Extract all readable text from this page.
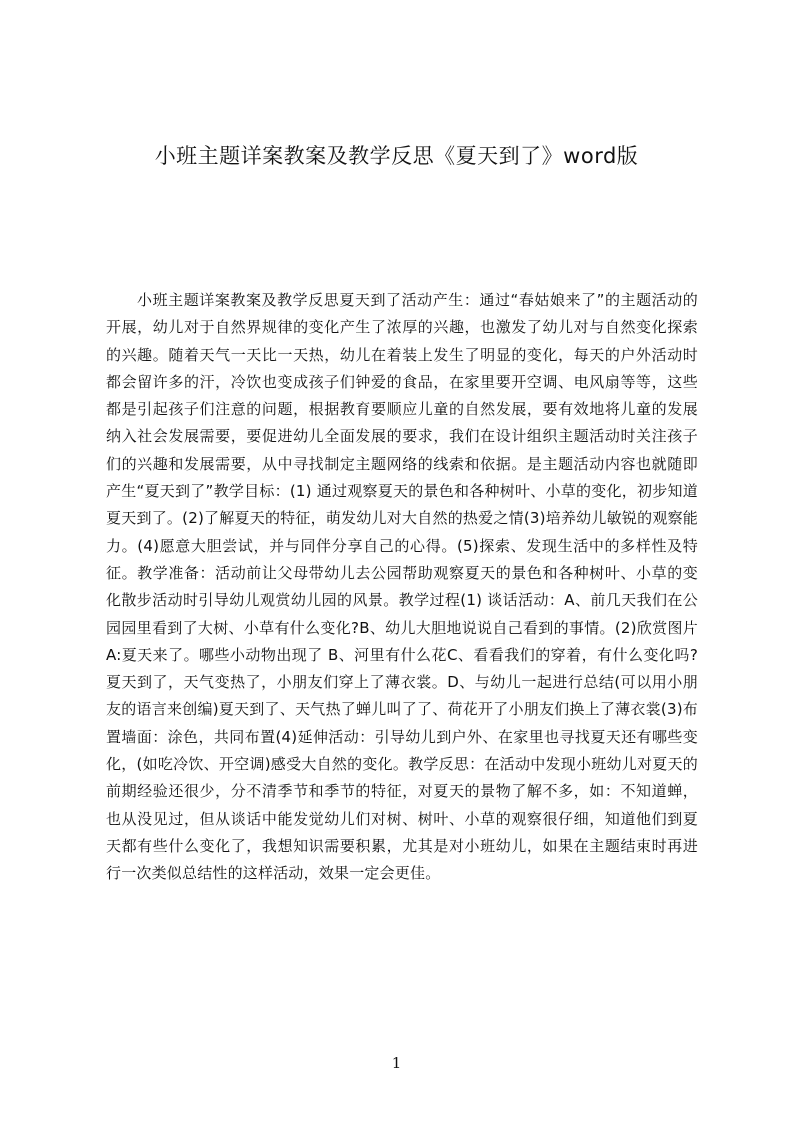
小班主题详案教案及教学反思《夏天到了》word版

小班主题详案教案及教学反思夏天到了活动产生：通过“春姑娘来了”的主题活动的开展，幼儿对于自然界规律的变化产生了浓厚的兴趣，也激发了幼儿对与自然变化探索的兴趣。随着天气一天比一天热，幼儿在着装上发生了明显的变化，每天的户外活动时都会留许多的汗，冷饮也变成孩子们钟爱的食品，在家里要开空调、电风扇等等，这些都是引起孩子们注意的问题，根据教育要顺应儿童的自然发展，要有效地将儿童的发展纳入社会发展需要，要促进幼儿全面发展的要求，我们在设计组织主题活动时关注孩子们的兴趣和发展需要，从中寻找制定主题网络的线索和依据。是主题活动内容也就随即产生“夏天到了”教学目标：(1) 通过观察夏天的景色和各种树叶、小草的变化，初步知道夏天到了。(2)了解夏天的特征，萌发幼儿对大自然的热爱之情(3)培养幼儿敏锐的观察能力。(4)愿意大胆尝试，并与同伴分享自己的心得。(5)探索、发现生活中的多样性及特征。教学准备：活动前让父母带幼儿去公园帮助观察夏天的景色和各种树叶、小草的变化散步活动时引导幼儿观赏幼儿园的风景。教学过程(1) 谈话活动：A、前几天我们在公园园里看到了大树、小草有什么变化?B、幼儿大胆地说说自己看到的事情。(2)欣赏图片A:夏天来了。哪些小动物出现了 B、河里有什么花C、看看我们的穿着，有什么变化吗?夏天到了，天气变热了，小朋友们穿上了薄衣裳。D、与幼儿一起进行总结(可以用小朋友的语言来创编)夏天到了、天气热了蝉儿叫了了、荷花开了小朋友们换上了薄衣裳(3)布置墙面：涂色，共同布置(4)延伸活动：引导幼儿到户外、在家里也寻找夏天还有哪些变化，(如吃冷饮、开空调)感受大自然的变化。教学反思：在活动中发现小班幼儿对夏天的前期经验还很少，分不清季节和季节的特征，对夏天的景物了解不多，如：不知道蝉，也从没见过，但从谈话中能发觉幼儿们对树、树叶、小草的观察很仔细，知道他们到夏天都有些什么变化了，我想知识需要积累，尤其是对小班幼儿，如果在主题结束时再进行一次类似总结性的这样活动，效果一定会更佳。

1
